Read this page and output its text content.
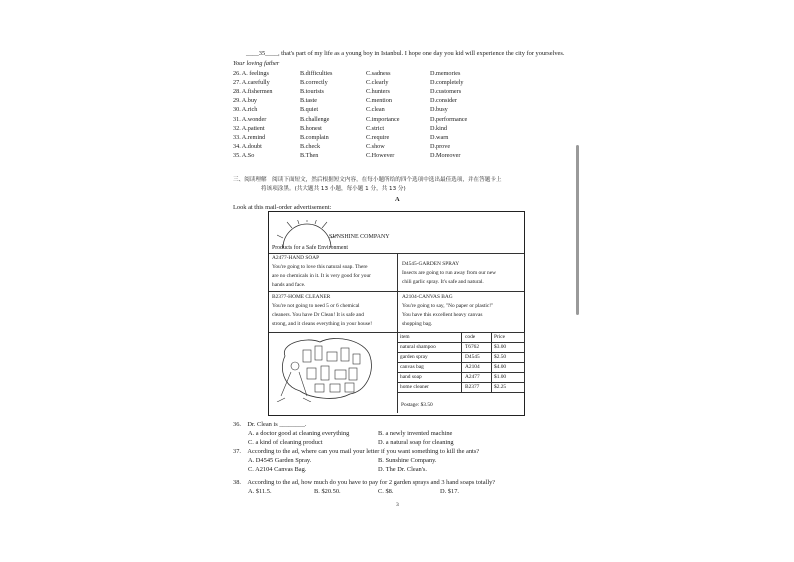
____35____, that's part of my life as a young boy in Istanbul. I hope one day you kid will experience the city for yourselves.
Your loving father
26.A. feelings	B.difficulties	C.sadness	D.memories
27.A.carefully	B.correctly	C.clearly	D.completely
28.A.fishermen	B.tourists	C.hunters	D.customers
29.A.buy	B.taste	C.mention	D.consider
30.A.rich	B.quiet	C.clean	D.busy
31.A.wonder	B.challenge	C.importance	D.performance
32.A.patient	B.honest	C.strict	D.kind
33.A.remind	B.complain	C.require	D.warn
34.A.doubt	B.check	C.show	D.prove
35.A.So	B.Then	C.However	D.Moreover
三、阅读理解　阅读下面短文，然后根据短文内容，在每小题所给的四个选项中选出最佳选项，并在答题卡上
将该项涂黑。(共大题共 13 小题，每小题 1 分，共 13 分)
A
Look at this mail-order advertisement:
SUNSHINE COMPANY
Products for a Safe Environment
A2477-HAND SOAP
You're going to love this natural soap. There
are no chemicals in it. It is very good for your
hands and face.
D4545-GARDEN SPRAY
Insects are going to run away from our new
chili garlic spray. It's safe and natural.
B2377-HOME CLEANER
You're not going to need 5 or 6 chemical
cleaners. You have Dr Clean! It is safe and
strong, and it cleans everything in your house!
A2104-CANVAS BAG
You're going to say, "No paper or plastic!"
You have this excellent heavy canvas
shopping bag.
Postage: $3.50
item	code	Price
natural shampoo	T6762	$3.00
garden spray	D4545	$2.50
canvas bag	A2104	$4.00
hand soap	A2477	$1.00
home cleaner	B2377	$2.25
36.　Dr. Clean is ________.
A. a doctor good at cleaning everything	B. a newly invented machine
C. a kind of cleaning product	D. a natural soap for cleaning
37.　According to the ad, where can you mail your letter if you want something to kill the ants?
A. D4545 Garden Spray.	B. Sunshine Company.
C. A2104 Canvas Bag.	D. The Dr. Clean's.
38.　According to the ad, how much do you have to pay for 2 garden sprays and 3 hand soaps totally?
A. $11.5.	B. $20.50.	C. $8.	D. $17.
3
